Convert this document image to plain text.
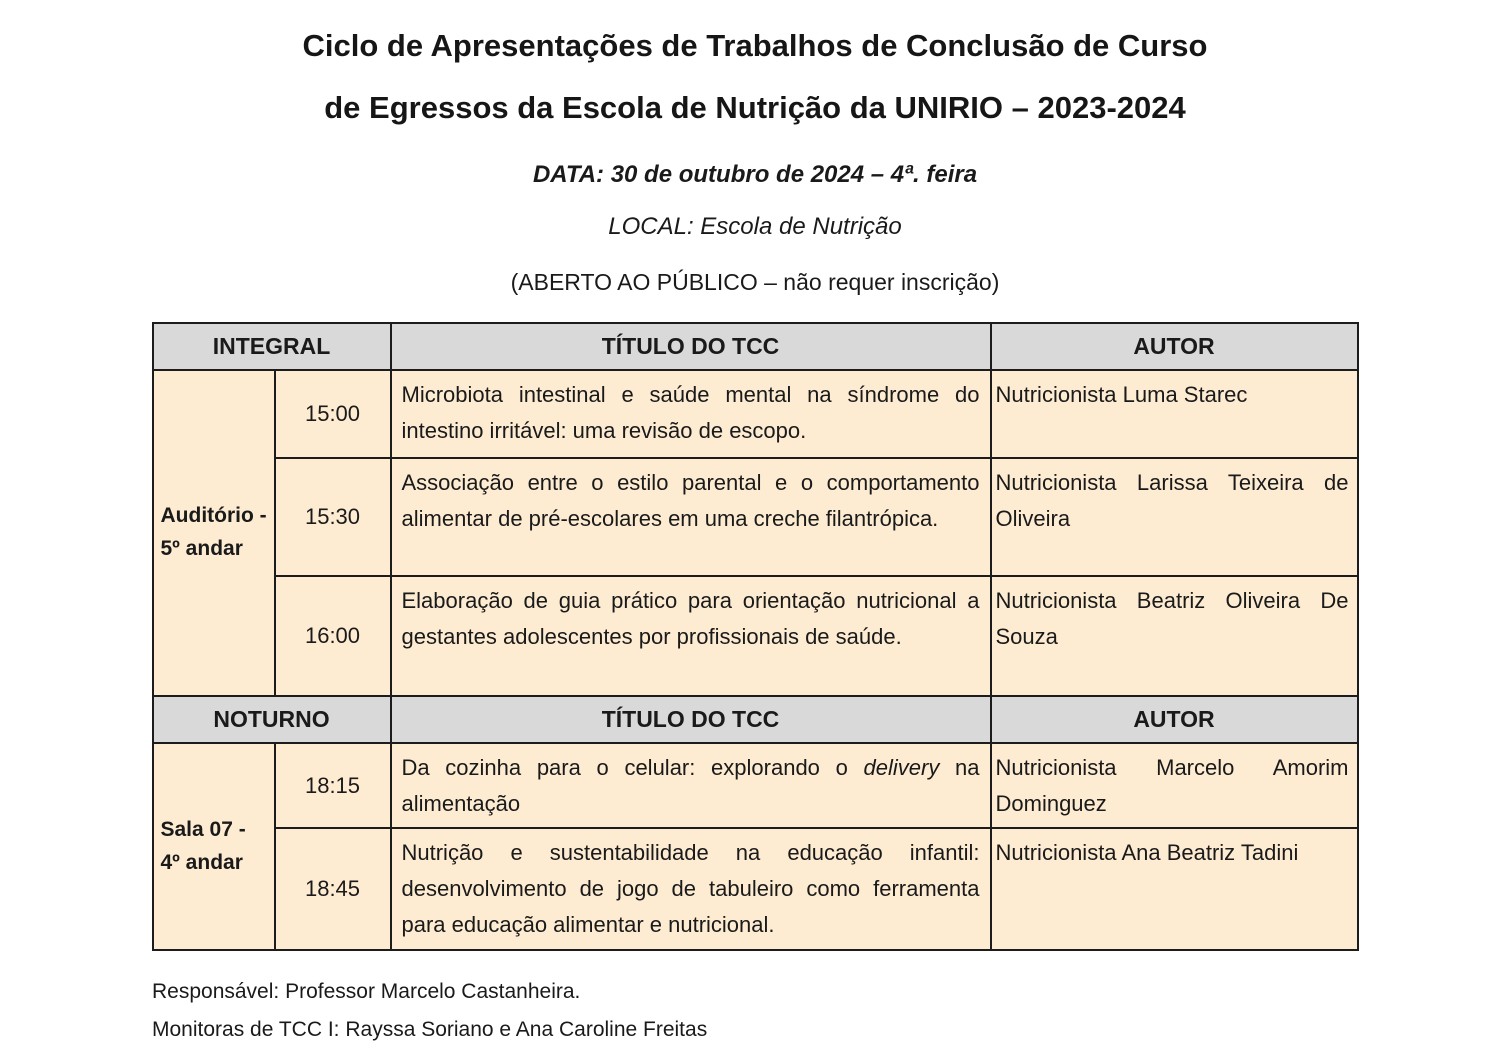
Ciclo de Apresentações de Trabalhos de Conclusão de Curso
de Egressos da Escola de Nutrição da UNIRIO – 2023-2024
DATA: 30 de outubro de 2024 – 4ª. feira
LOCAL: Escola de Nutrição
(ABERTO AO PÚBLICO – não requer inscrição)
INTEGRAL		TÍTULO DO TCC	AUTOR
Auditório - 5º andar	15:00	Microbiota intestinal e saúde mental na síndrome do intestino irritável: uma revisão de escopo.	Nutricionista Luma Starec
	15:30	Associação entre o estilo parental e o comportamento alimentar de pré-escolares em uma creche filantrópica.	Nutricionista Larissa Teixeira de Oliveira
	16:00	Elaboração de guia prático para orientação nutricional a gestantes adolescentes por profissionais de saúde.	Nutricionista Beatriz Oliveira De Souza
NOTURNO		TÍTULO DO TCC	AUTOR
Sala 07 - 4º andar	18:15	Da cozinha para o celular: explorando o delivery na alimentação	Nutricionista Marcelo Amorim Dominguez
	18:45	Nutrição e sustentabilidade na educação infantil: desenvolvimento de jogo de tabuleiro como ferramenta para educação alimentar e nutricional.	Nutricionista Ana Beatriz Tadini
Responsável: Professor Marcelo Castanheira.
Monitoras de TCC I: Rayssa Soriano e Ana Caroline Freitas
